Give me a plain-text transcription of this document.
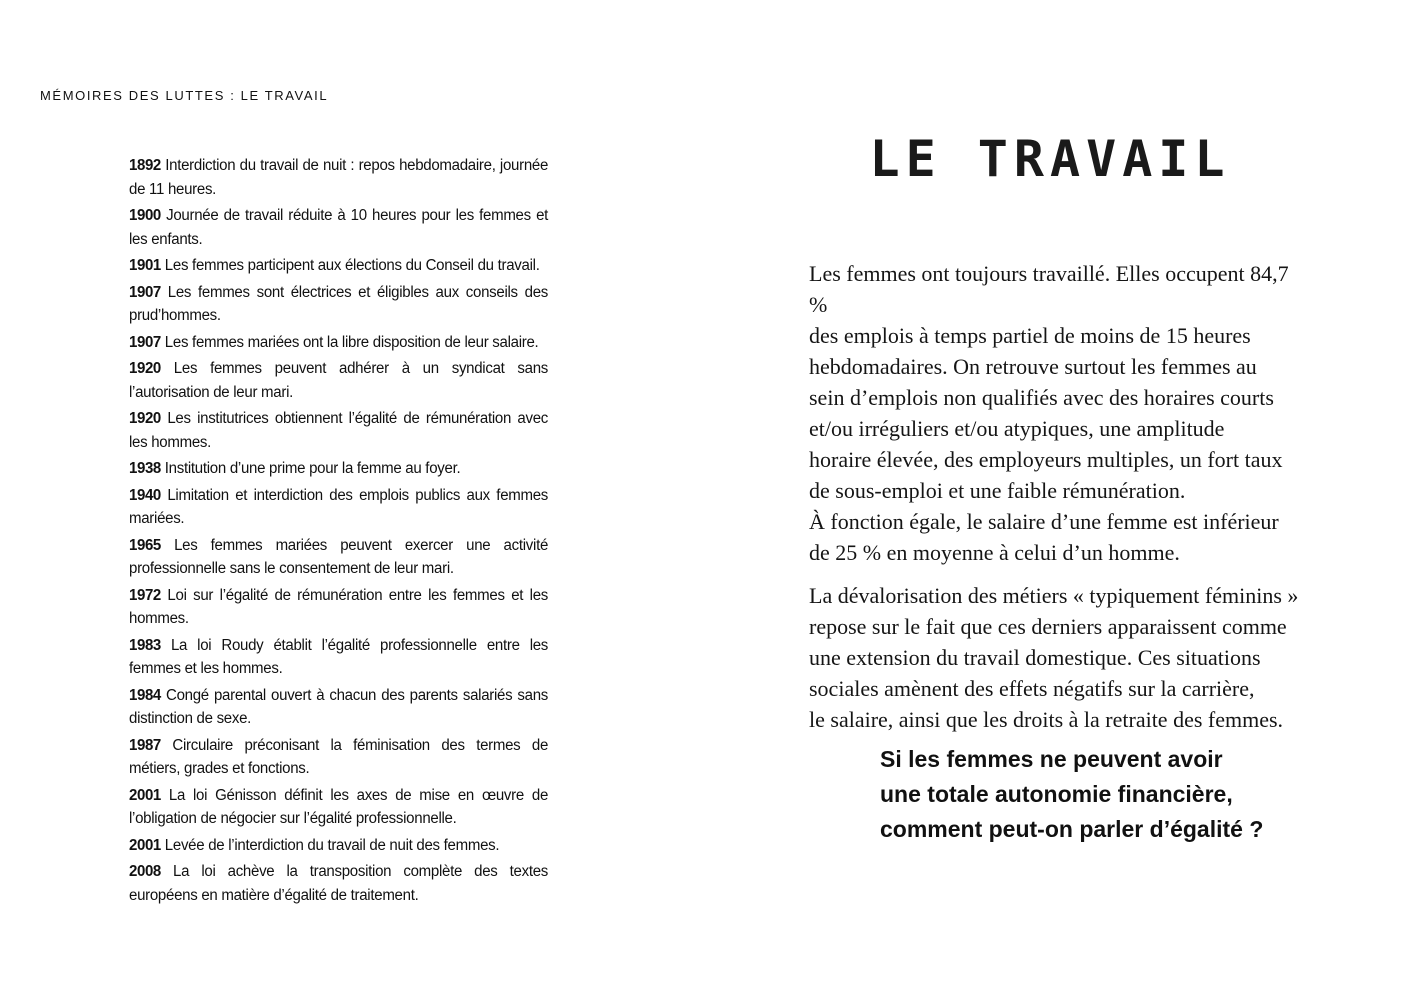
MÉMOIRES DES LUTTES : LE TRAVAIL

1892 Interdiction du travail de nuit : repos hebdomadaire, journée de 11 heures.

1900 Journée de travail réduite à 10 heures pour les femmes et les enfants.

1901 Les femmes participent aux élections du Conseil du travail.

1907 Les femmes sont électrices et éligibles aux conseils des prud’hommes.

1907 Les femmes mariées ont la libre disposition de leur salaire.

1920 Les femmes peuvent adhérer à un syndicat sans l’autorisation de leur mari.

1920 Les institutrices obtiennent l’égalité de rémunération avec les hommes.

1938 Institution d’une prime pour la femme au foyer.

1940 Limitation et interdiction des emplois publics aux femmes mariées.

1965 Les femmes mariées peuvent exercer une activité professionnelle sans le consentement de leur mari.

1972 Loi sur l’égalité de rémunération entre les femmes et les hommes.

1983 La loi Roudy établit l’égalité professionnelle entre les femmes et les hommes.

1984 Congé parental ouvert à chacun des parents salariés sans distinction de sexe.

1987 Circulaire préconisant la féminisation des termes de métiers, grades et fonctions.

2001 La loi Génisson définit les axes de mise en œuvre de l’obligation de négocier sur l’égalité professionnelle.

2001 Levée de l’interdiction du travail de nuit des femmes.

2008 La loi achève la transposition complète des textes européens en matière d’égalité de traitement.

LE TRAVAIL

Les femmes ont toujours travaillé. Elles occupent 84,7 %
des emplois à temps partiel de moins de 15 heures
hebdomadaires. On retrouve surtout les femmes au
sein d’emplois non qualifiés avec des horaires courts
et/ou irréguliers et/ou atypiques, une amplitude
horaire élevée, des employeurs multiples, un fort taux
de sous-emploi et une faible rémunération.
À fonction égale, le salaire d’une femme est inférieur
de 25 % en moyenne à celui d’un homme.

La dévalorisation des métiers « typiquement féminins »
repose sur le fait que ces derniers apparaissent comme
une extension du travail domestique. Ces situations
sociales amènent des effets négatifs sur la carrière,
le salaire, ainsi que les droits à la retraite des femmes.

Si les femmes ne peuvent avoir
une totale autonomie financière,
comment peut-on parler d’égalité ?
